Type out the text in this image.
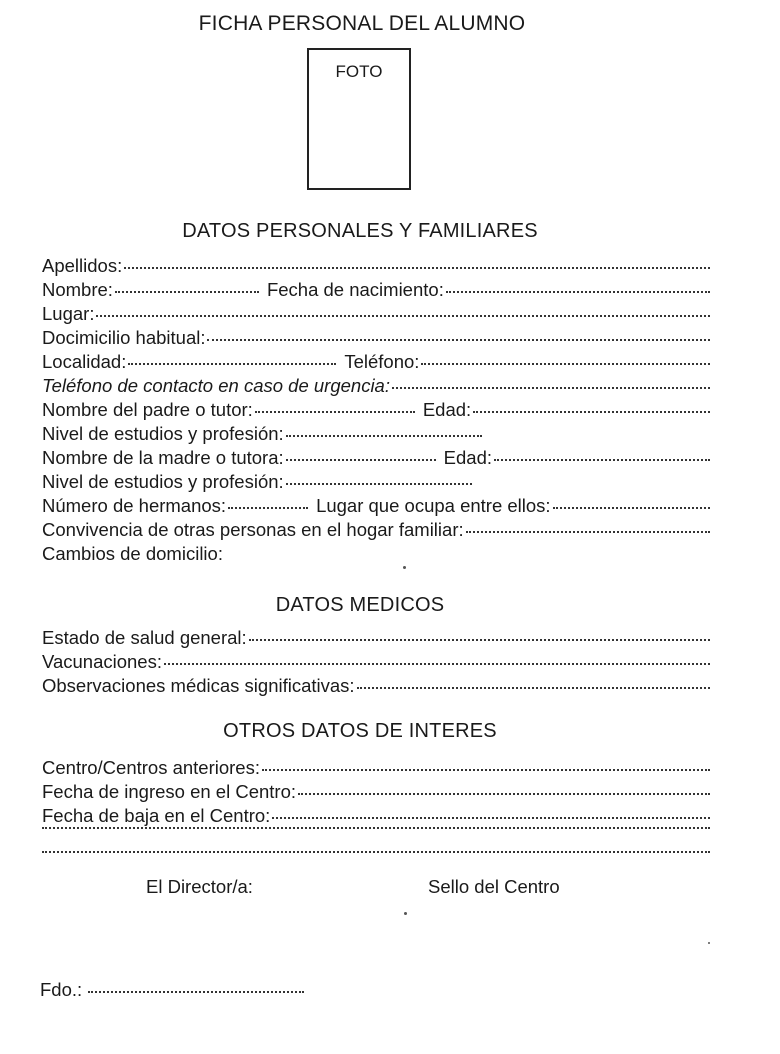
FICHA PERSONAL DEL ALUMNO
FOTO
DATOS PERSONALES Y FAMILIARES
Apellidos:
Nombre:	Fecha de nacimiento:
Lugar:
Docimicilio habitual:
Localidad:	Teléfono:
Teléfono de contacto en caso de urgencia:
Nombre del padre o tutor:	Edad:
Nivel de estudios y profesión:
Nombre de la madre o tutora:	Edad:
Nivel de estudios y profesión:
Número de hermanos:	Lugar que ocupa entre ellos:
Convivencia de otras personas en el hogar familiar:
Cambios de domicilio:
DATOS MEDICOS
Estado de salud general:
Vacunaciones:
Observaciones médicas significativas:
OTROS DATOS DE INTERES
Centro/Centros anteriores:
Fecha de ingreso en el Centro:
Fecha de baja en el Centro:
El Director/a:	Sello del Centro
Fdo.:
